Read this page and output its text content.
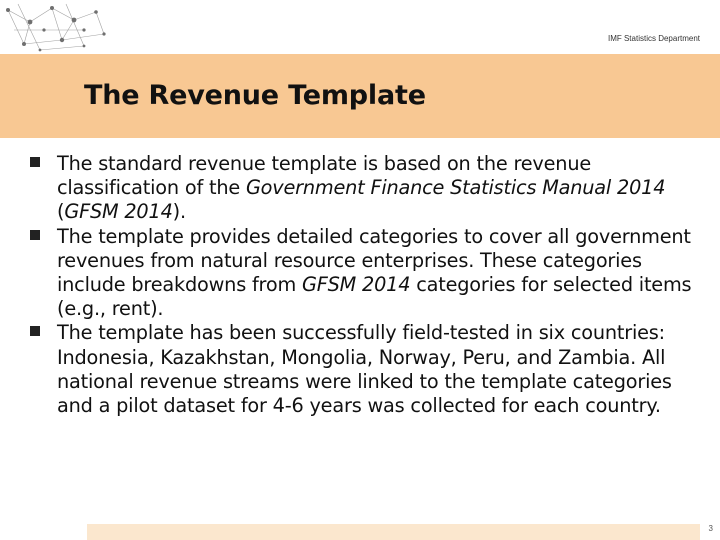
IMF Statistics Department
The Revenue Template
The standard revenue template is based on the revenue classification of the Government Finance Statistics Manual 2014 (GFSM 2014).
The template provides detailed categories to cover all government revenues from natural resource enterprises. These categories include breakdowns from GFSM 2014 categories for selected items (e.g., rent).
The template has been successfully field-tested in six countries: Indonesia, Kazakhstan, Mongolia, Norway, Peru, and Zambia. All national revenue streams were linked to the template categories and a pilot dataset for 4-6 years was collected for each country.
3
